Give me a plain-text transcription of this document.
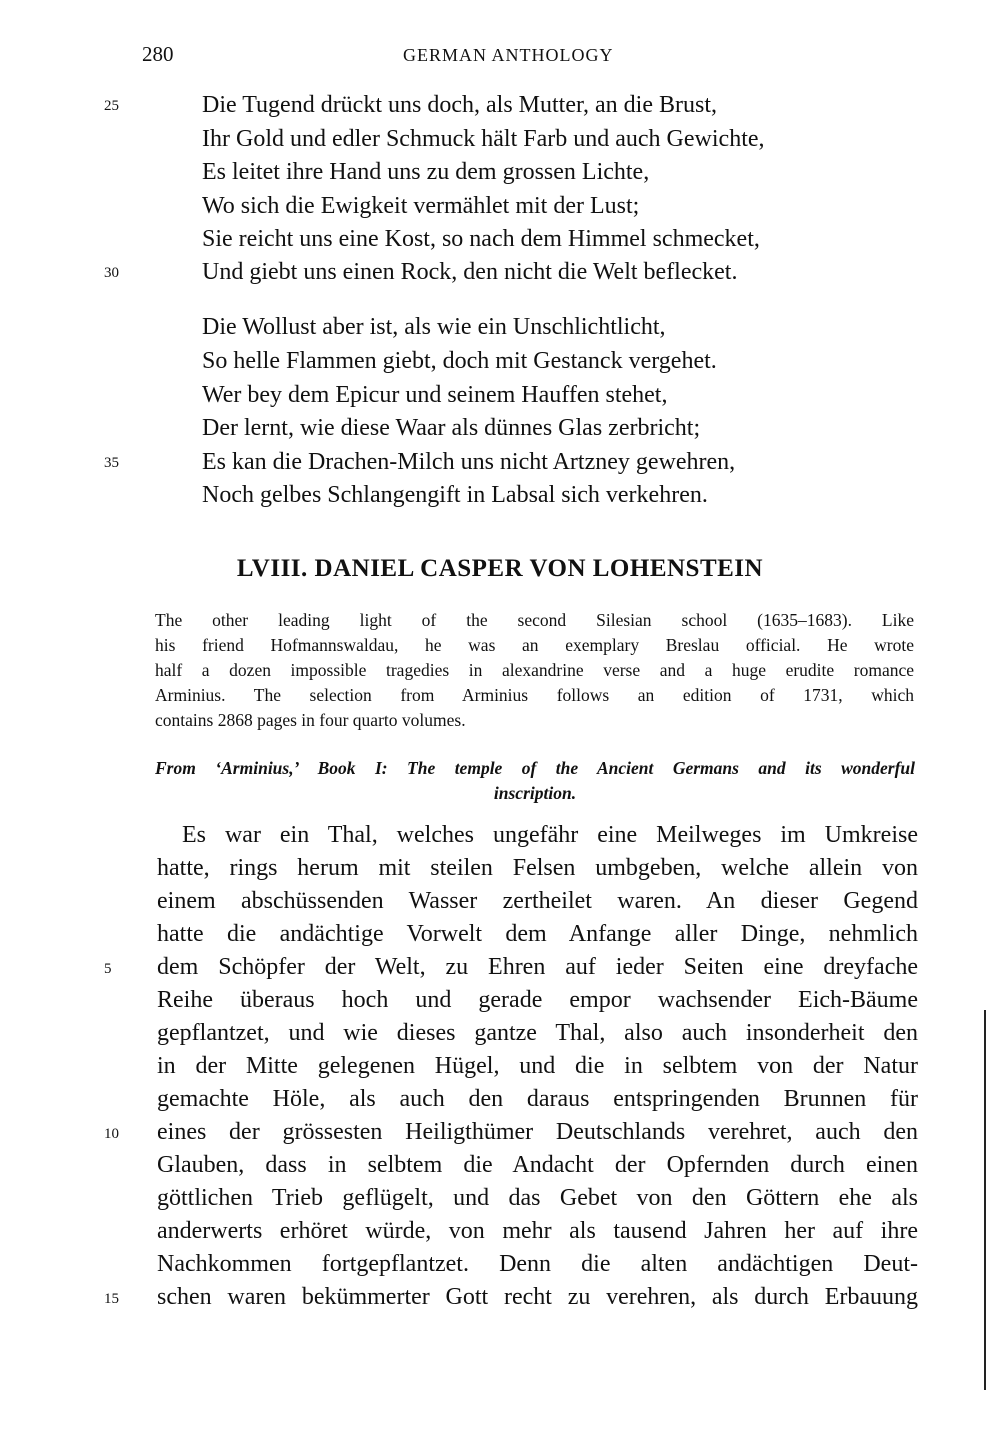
280	GERMAN ANTHOLOGY
Die Tugend drückt uns doch, als Mutter, an die Brust,
25
Ihr Gold und edler Schmuck hält Farb und auch Gewichte,
Es leitet ihre Hand uns zu dem grossen Lichte,
Wo sich die Ewigkeit vermählet mit der Lust;
Sie reicht uns eine Kost, so nach dem Himmel schmecket,
Und giebt uns einen Rock, den nicht die Welt beflecket.
30
Die Wollust aber ist, als wie ein Unschlichtlicht,
So helle Flammen giebt, doch mit Gestanck vergehet.
Wer bey dem Epicur und seinem Hauffen stehet,
Der lernt, wie diese Waar als dünnes Glas zerbricht;
Es kan die Drachen-Milch uns nicht Artzney gewehren,
35
Noch gelbes Schlangengift in Labsal sich verkehren.
LVIII. DANIEL CASPER VON LOHENSTEIN
The other leading light of the second Silesian school (1635–1683). Like
his friend Hofmannswaldau, he was an exemplary Breslau official. He wrote
half a dozen impossible tragedies in alexandrine verse and a huge erudite romance
Arminius. The selection from Arminius follows an edition of 1731, which
contains 2868 pages in four quarto volumes.
From ‘Arminius,’ Book I: The temple of the Ancient Germans and its wonderful
inscription.
Es war ein Thal, welches ungefähr eine Meilweges im Umkreise
hatte, rings herum mit steilen Felsen umbgeben, welche allein von
einem abschüssenden Wasser zertheilet waren. An dieser Gegend
hatte die andächtige Vorwelt dem Anfange aller Dinge, nehmlich
dem Schöpfer der Welt, zu Ehren auf ieder Seiten eine dreyfache
5
Reihe überaus hoch und gerade empor wachsender Eich-Bäume
gepflantzet, und wie dieses gantze Thal, also auch insonderheit den
in der Mitte gelegenen Hügel, und die in selbtem von der Natur
gemachte Höle, als auch den daraus entspringenden Brunnen für
eines der grössesten Heiligthümer Deutschlands verehret, auch den
10
Glauben, dass in selbtem die Andacht der Opfernden durch einen
göttlichen Trieb geflügelt, und das Gebet von den Göttern ehe als
anderwerts erhöret würde, von mehr als tausend Jahren her auf ihre
Nachkommen fortgepflantzet. Denn die alten andächtigen Deut-
schen waren bekümmerter Gott recht zu verehren, als durch Erbauung
15
